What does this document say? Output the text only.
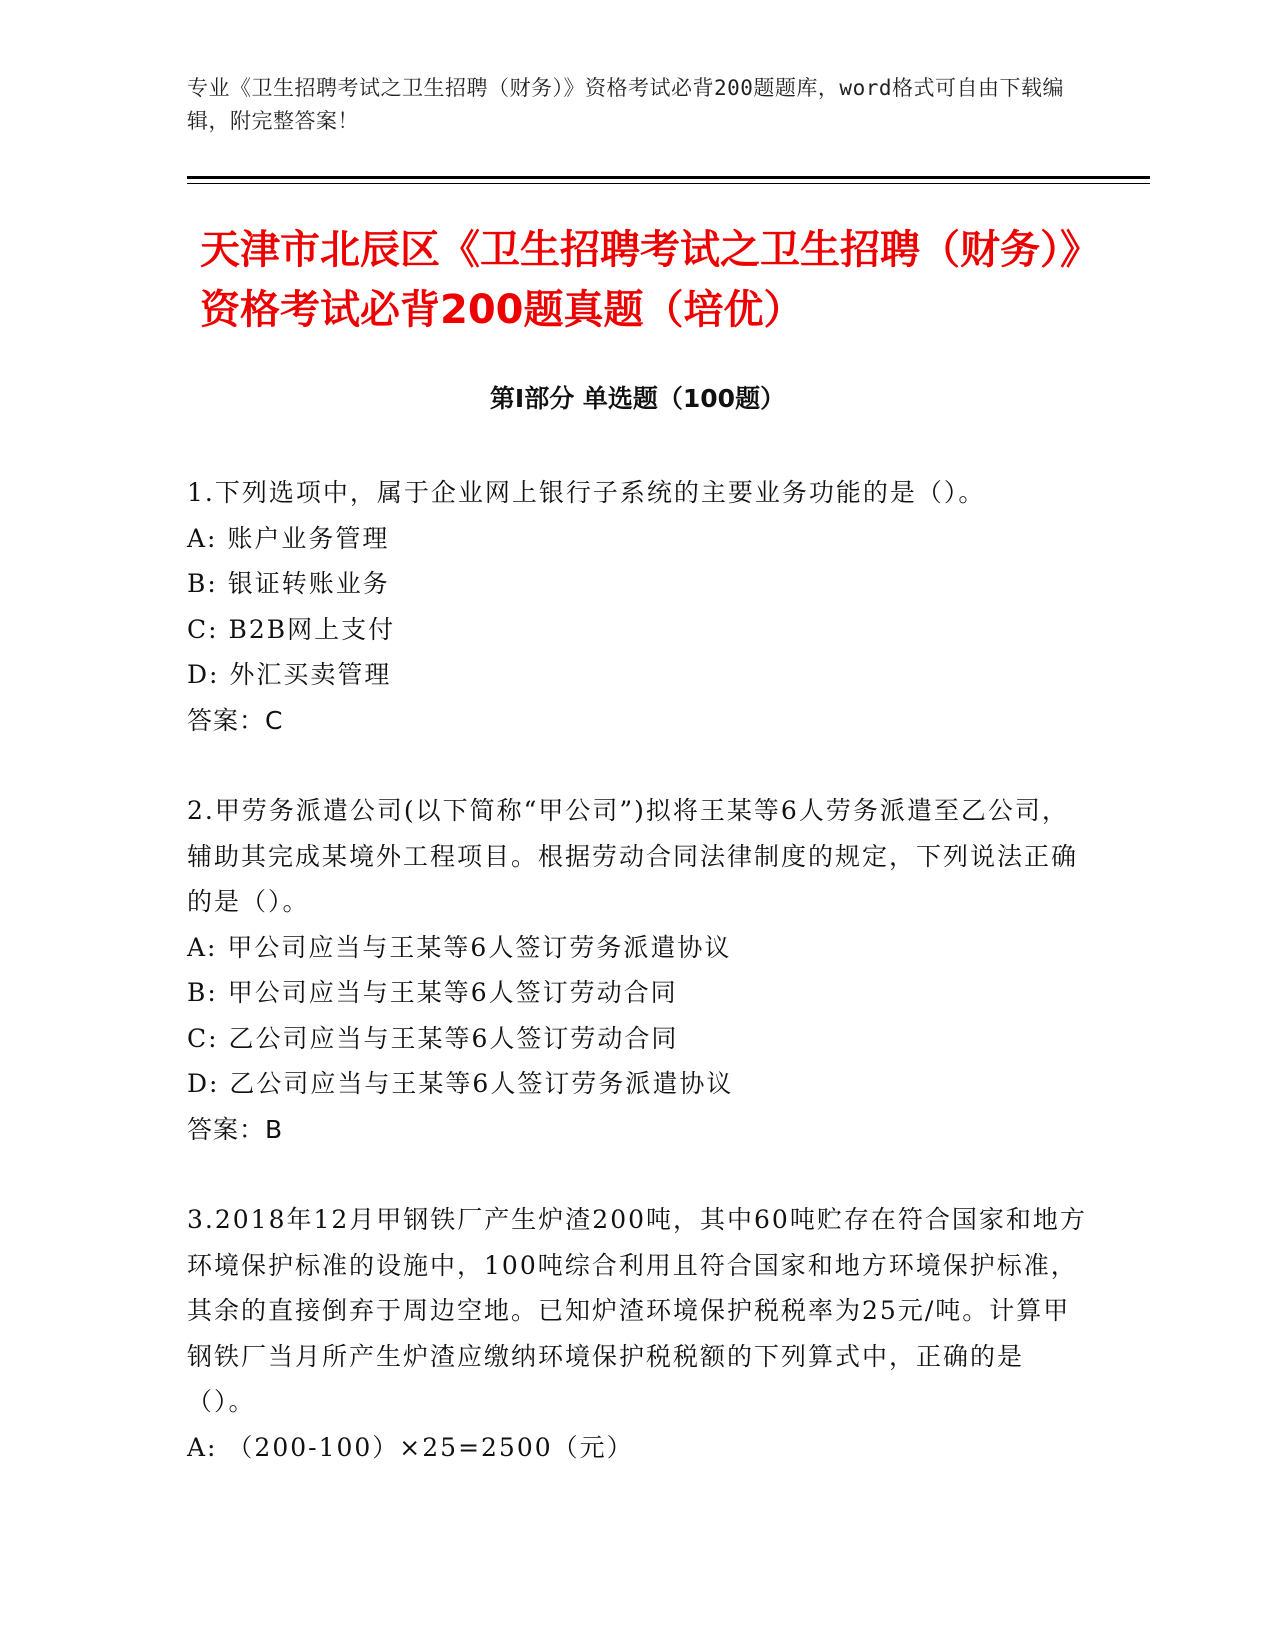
专业《卫生招聘考试之卫生招聘（财务）》资格考试必背200题题库，word格式可自由下载编辑，附完整答案！
天津市北辰区《卫生招聘考试之卫生招聘（财务）》资格考试必背200题真题（培优）
第I部分 单选题（100题）

1.下列选项中，属于企业网上银行子系统的主要业务功能的是（）。

A: 账户业务管理

B: 银证转账业务

C: B2B网上支付

D: 外汇买卖管理

答案：C

2.甲劳务派遣公司(以下简称“甲公司”)拟将王某等6人劳务派遣至乙公司，辅助其完成某境外工程项目。根据劳动合同法律制度的规定，下列说法正确的是（）。

A: 甲公司应当与王某等6人签订劳务派遣协议

B: 甲公司应当与王某等6人签订劳动合同

C: 乙公司应当与王某等6人签订劳动合同

D: 乙公司应当与王某等6人签订劳务派遣协议

答案：B

3.2018年12月甲钢铁厂产生炉渣200吨，其中60吨贮存在符合国家和地方环境保护标准的设施中，100吨综合利用且符合国家和地方环境保护标准，其余的直接倒弃于周边空地。已知炉渣环境保护税税率为25元/吨。计算甲钢铁厂当月所产生炉渣应缴纳环境保护税税额的下列算式中，正确的是（）。

A: （200-100）×25=2500（元）
